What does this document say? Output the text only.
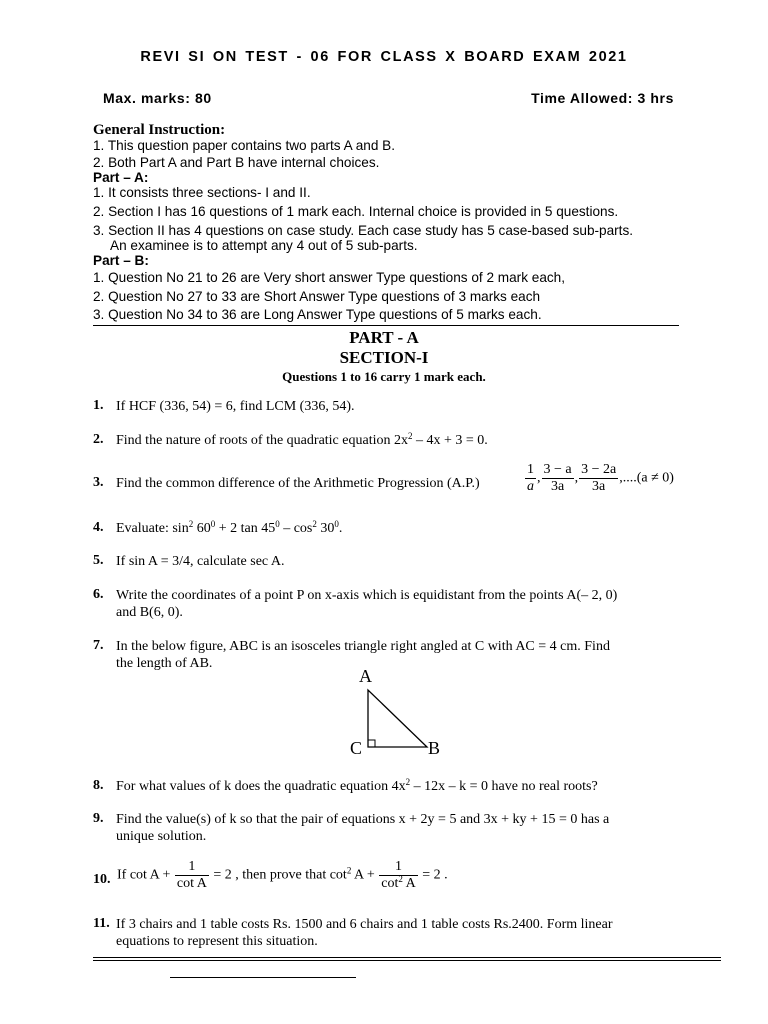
REVI SI ON TEST - 06 FOR CLASS X BOARD EXAM 2021
Max. marks: 80	Time Allowed: 3 hrs
General Instruction:
1. This question paper contains two parts A and B.
2. Both Part A and Part B have internal choices.
Part – A:
1. It consists three sections- I and II.
2. Section I has 16 questions of 1 mark each. Internal choice is provided in 5 questions.
3. Section II has 4 questions on case study. Each case study has 5 case-based sub-parts.
An examinee is to attempt any 4 out of 5 sub-parts.
Part – B:
1. Question No 21 to 26 are Very short answer Type questions of 2 mark each,
2. Question No 27 to 33 are Short Answer Type questions of 3 marks each
3. Question No 34 to 36 are Long Answer Type questions of 5 marks each.
PART - A
SECTION-I
Questions 1 to 16 carry 1 mark each.
1. If HCF (336, 54) = 6, find LCM (336, 54).
2. Find the nature of roots of the quadratic equation $2x^2 - 4x + 3 = 0$.
3. Find the common difference of the Arithmetic Progression (A.P.)	$\frac{1}{a}$ , $\frac{3 - a}{3a}$ , $\frac{3 - 2a}{3a} ,....(a \ne 0)$
4. Evaluate: $\sin^2 60^0 + 2$ $\tan 45^0 - \cos^2 30^0$.
5. If sin A = 3/4, calculate sec A.
6. Write the coordinates of a point P on x-axis which is equidistant from the points A(– 2, 0)
and B(6, 0).
7. In the below figure, ABC is an isosceles triangle right angled at C with AC = 4 cm. Find
the length of AB.
A
C	B
8. For what values of k does the quadratic equation $4x^2 - 12x - k = 0$ have no real roots?
9. Find the value(s) of k so that the pair of equations x + 2y = 5 and 3x + ky + 15 = 0 has a
unique solution.
10. If $\cot A + \frac{1}{\text{cot A}} = 2$ , then prove that $\cot^2 A + \frac{1}{\cot^2 A} = 2$ .
11. If 3 chairs and 1 table costs Rs. 1500 and 6 chairs and 1 table costs Rs.2400. Form linear
equations to represent this situation.
